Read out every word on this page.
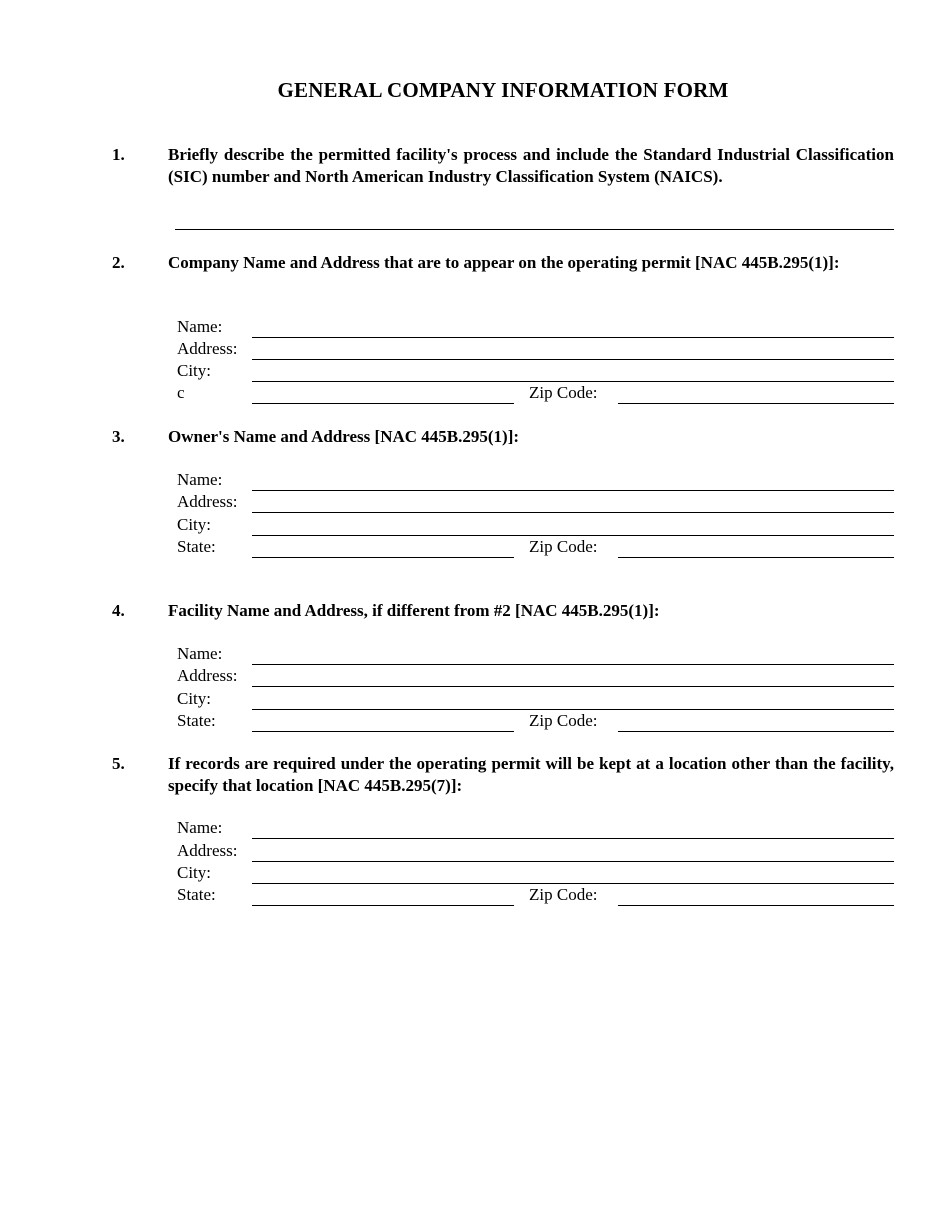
GENERAL COMPANY INFORMATION FORM
1.	Briefly describe the permitted facility's process and include the Standard Industrial Classification (SIC) number and North American Industry Classification System (NAICS).
2.	Company Name and Address that are to appear on the operating permit [NAC 445B.295(1)]:
Name:
Address:
City:
c	Zip Code:
3.	Owner's Name and Address [NAC 445B.295(1)]:
Name:
Address:
City:
State:	Zip Code:
4.	Facility Name and Address, if different from #2 [NAC 445B.295(1)]:
Name:
Address:
City:
State:	Zip Code:
5.	If records are required under the operating permit will be kept at a location other than the facility, specify that location [NAC 445B.295(7)]:
Name:
Address:
City:
State:	Zip Code:
